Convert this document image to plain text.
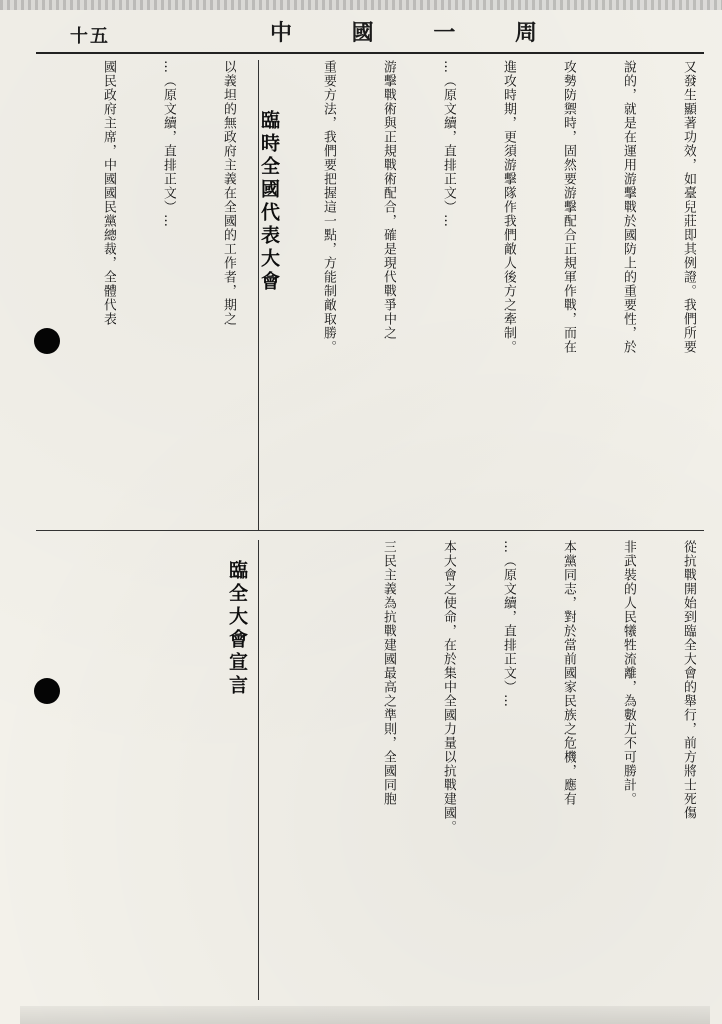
十五	中 國 一 周
臨時全國代表大會	又發生顯著功效，如臺兒莊即其例證。我們所要
說的，就是在運用游擊戰於國防上的重要性，於
攻勢防禦時，固然要游擊配合正規軍作戰，而在
進攻時期，更須游擊隊作我們敵人後方之牽制。
…（原文續，直排正文）…
游擊戰術與正規戰術配合，確是現代戰爭中之
重要方法，我們要把握這一點，方能制敵取勝。
以義坦的無政府主義在全國的工作者，期之
…（原文續，直排正文）…
國民政府主席，中國國民黨總裁，全體代表
臨全大會宣言	從抗戰開始到臨全大會的舉行，前方將士死傷
非武裝的人民犧牲流離，為數尤不可勝計。
本黨同志，對於當前國家民族之危機，應有
…（原文續，直排正文）…
本大會之使命，在於集中全國力量以抗戰建國。
三民主義為抗戰建國最高之準則，全國同胞
